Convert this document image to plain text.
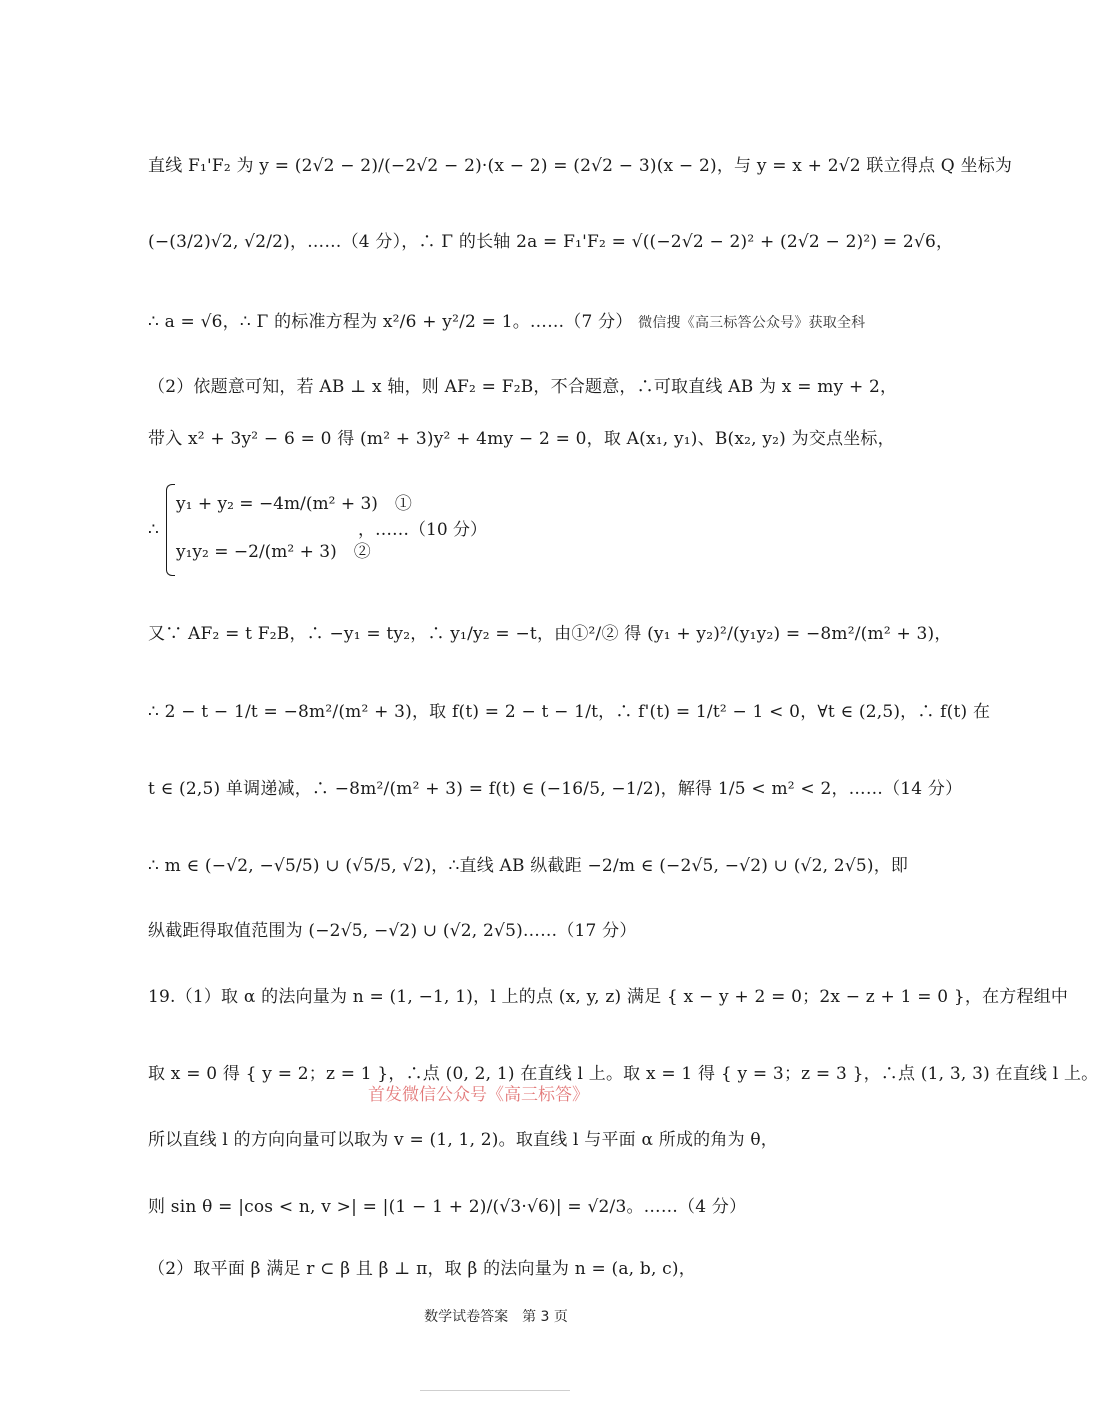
直线 F₁'F₂ 为 y = (2√2 − 2)/(−2√2 − 2)·(x − 2) = (2√2 − 3)(x − 2)，与 y = x + 2√2 联立得点 Q 坐标为
(−(3/2)√2, √2/2)，……（4 分），∴ Γ 的长轴 2a = F₁'F₂ = √((−2√2 − 2)² + (2√2 − 2)²) = 2√6，
∴ a = √6，∴ Γ 的标准方程为 x²/6 + y²/2 = 1。……（7 分） 微信搜《高三标答公众号》获取全科
（2）依题意可知，若 AB ⊥ x 轴，则 AF₂ = F₂B，不合题意，∴可取直线 AB 为 x = my + 2，
带入 x² + 3y² − 6 = 0 得 (m² + 3)y² + 4my − 2 = 0，取 A(x₁, y₁)、B(x₂, y₂) 为交点坐标，
∴
y₁ + y₂ = −4m/(m² + 3)　①
y₁y₂ = −2/(m² + 3)　②
，……（10 分）
又∵ AF₂ = t F₂B，∴ −y₁ = ty₂，∴ y₁/y₂ = −t，由①²/② 得 (y₁ + y₂)²/(y₁y₂) = −8m²/(m² + 3)，
∴ 2 − t − 1/t = −8m²/(m² + 3)，取 f(t) = 2 − t − 1/t，∴ f'(t) = 1/t² − 1 < 0，∀t ∈ (2,5)，∴ f(t) 在
t ∈ (2,5) 单调递减，∴ −8m²/(m² + 3) = f(t) ∈ (−16/5, −1/2)，解得 1/5 < m² < 2，……（14 分）
∴ m ∈ (−√2, −√5/5) ∪ (√5/5, √2)，∴直线 AB 纵截距 −2/m ∈ (−2√5, −√2) ∪ (√2, 2√5)，即
纵截距得取值范围为 (−2√5, −√2) ∪ (√2, 2√5)……（17 分）
19.（1）取 α 的法向量为 n = (1, −1, 1)，l 上的点 (x, y, z) 满足 { x − y + 2 = 0；2x − z + 1 = 0 }，在方程组中
取 x = 0 得 { y = 2；z = 1 }，∴点 (0, 2, 1) 在直线 l 上。取 x = 1 得 { y = 3；z = 3 }，∴点 (1, 3, 3) 在直线 l 上。
所以直线 l 的方向向量可以取为 v = (1, 1, 2)。取直线 l 与平面 α 所成的角为 θ，
则 sin θ = |cos < n, v >| = |(1 − 1 + 2)/(√3·√6)| = √2/3。……（4 分）
（2）取平面 β 满足 r ⊂ β 且 β ⊥ π，取 β 的法向量为 n = (a, b, c)，
首发微信公众号《高三标答》
数学试卷答案　第 3 页
